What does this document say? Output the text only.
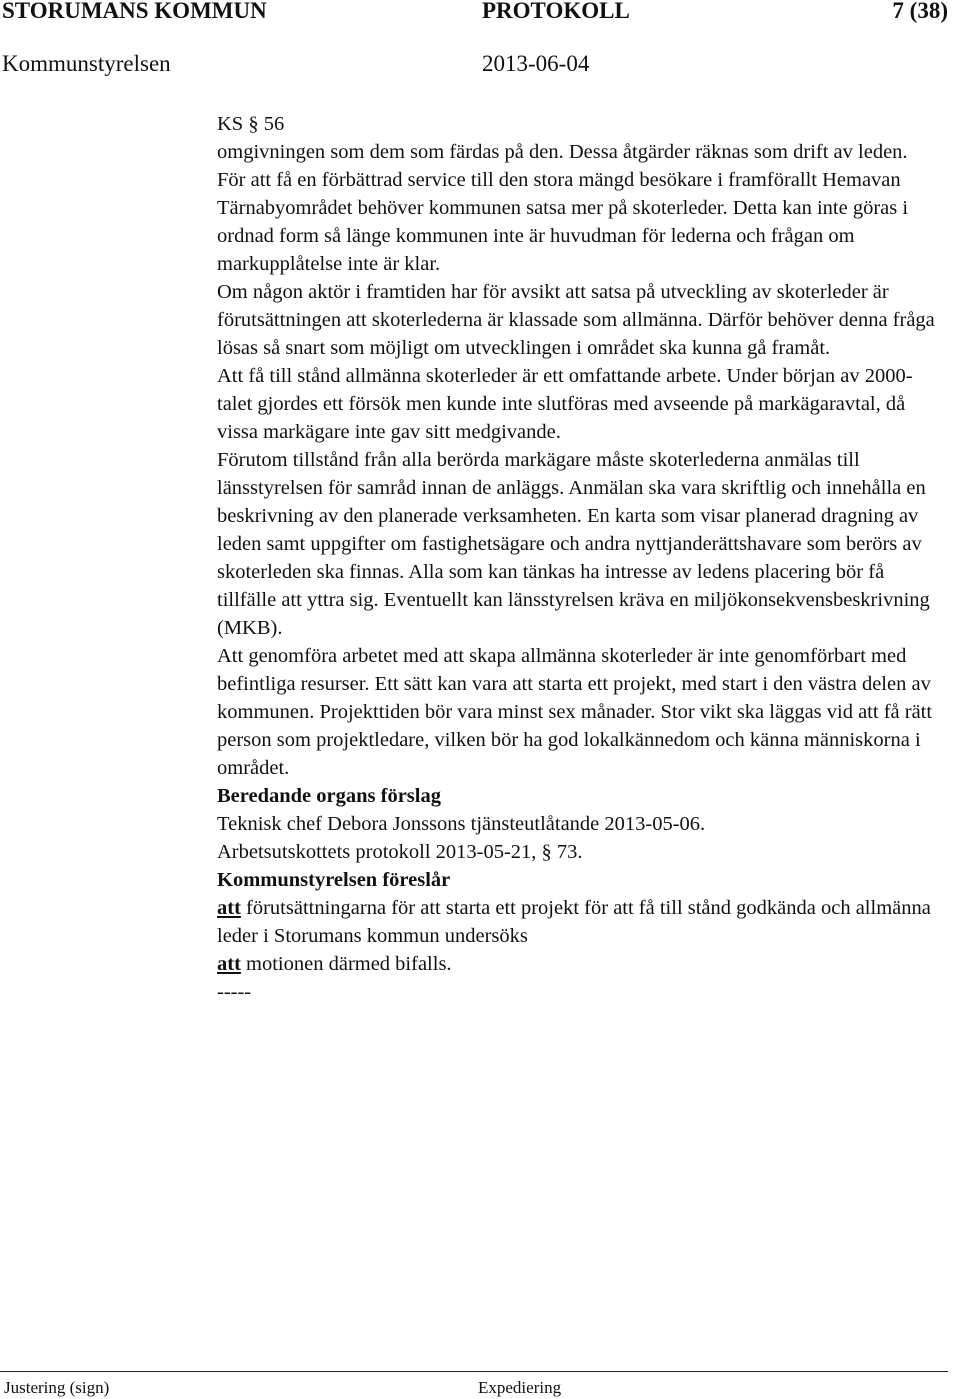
STORUMANS KOMMUN	PROTOKOLL	7 (38)
Kommunstyrelsen	2013-06-04

KS § 56

omgivningen som dem som färdas på den. Dessa åtgärder räknas som drift av leden.

För att få en förbättrad service till den stora mängd besökare i framförallt Hemavan Tärnabyområdet behöver kommunen satsa mer på skoterleder. Detta kan inte göras i ordnad form så länge kommunen inte är huvudman för lederna och frågan om markupplåtelse inte är klar.

Om någon aktör i framtiden har för avsikt att satsa på utveckling av skoterleder är förutsättningen att skoterlederna är klassade som allmänna. Därför behöver denna fråga lösas så snart som möjligt om utvecklingen i området ska kunna gå framåt.

Att få till stånd allmänna skoterleder är ett omfattande arbete. Under början av 2000-talet gjordes ett försök men kunde inte slutföras med avseende på markägaravtal, då vissa markägare inte gav sitt medgivande.

Förutom tillstånd från alla berörda markägare måste skoterlederna anmälas till länsstyrelsen för samråd innan de anläggs. Anmälan ska vara skriftlig och innehålla en beskrivning av den planerade verksamheten. En karta som visar planerad dragning av leden samt uppgifter om fastighetsägare och andra nyttjanderättshavare som berörs av skoterleden ska finnas. Alla som kan tänkas ha intresse av ledens placering bör få tillfälle att yttra sig. Eventuellt kan länsstyrelsen kräva en miljökonsekvensbeskrivning (MKB).

Att genomföra arbetet med att skapa allmänna skoterleder är inte genomförbart med befintliga resurser. Ett sätt kan vara att starta ett projekt, med start i den västra delen av kommunen. Projekttiden bör vara minst sex månader. Stor vikt ska läggas vid att få rätt person som projektledare, vilken bör ha god lokalkännedom och känna människorna i området.

Beredande organs förslag

Teknisk chef Debora Jonssons tjänsteutlåtande 2013-05-06.

Arbetsutskottets protokoll 2013-05-21, § 73.

Kommunstyrelsen föreslår

att förutsättningarna för att starta ett projekt för att få till stånd godkända och allmänna leder i Storumans kommun undersöks

att motionen därmed bifalls.

-----

Justering (sign)	Expediering
